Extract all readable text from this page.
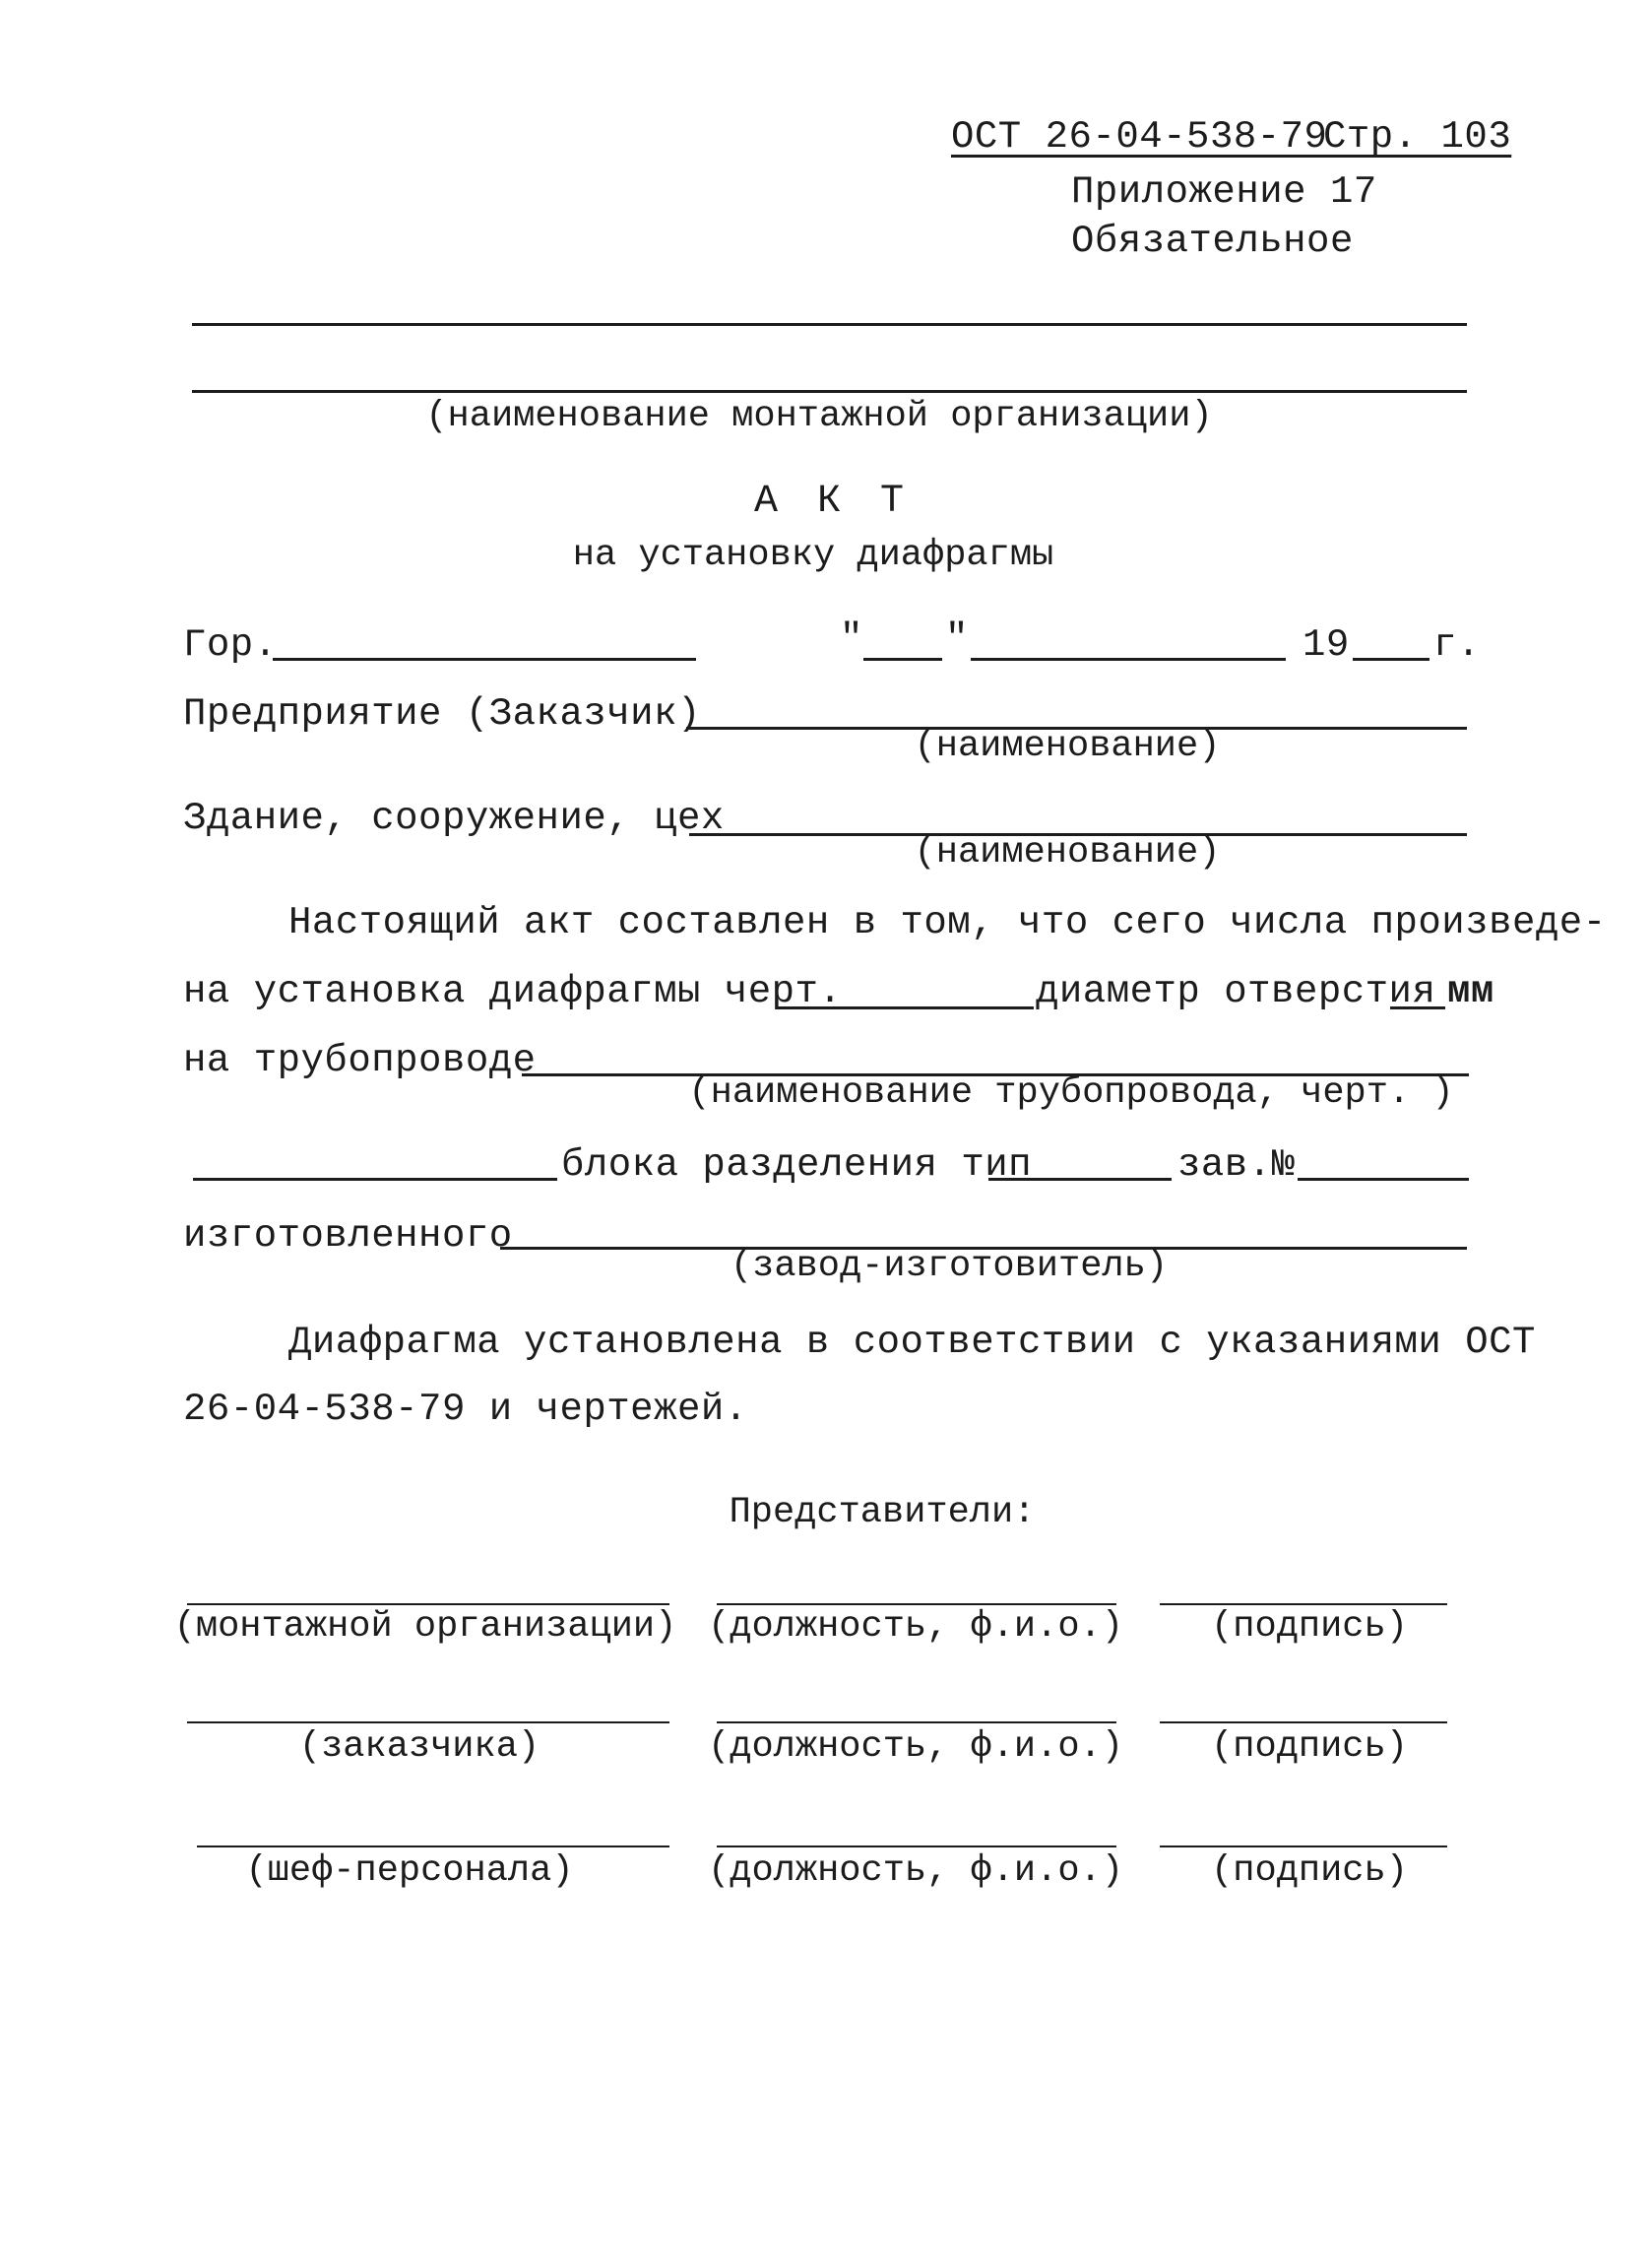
ОСТ 26-04-538-79
Стр. 103
Приложение 17
Обязательное
(наименование монтажной организации)
А К Т
на установку диафрагмы
Гор.	" "	19 г.
Предприятие (Заказчик)
(наименование)
Здание, сооружение, цех
(наименование)
Настоящий акт составлен в том, что сего числа произведе-
на установка диафрагмы черт.	диаметр отверстия мм
на трубопроводе
(наименование трубопровода, черт. )
блока разделения тип	зав.№
изготовленного
(завод-изготовитель)
Диафрагма установлена в соответствии с указаниями ОСТ
26-04-538-79 и чертежей.
Представители:
(монтажной организации) (должность, ф.и.о.) (подпись)
(заказчика)	(должность, ф.и.о.) (подпись)
(шеф-персонала)	(должность, ф.и.о.) (подпись)
